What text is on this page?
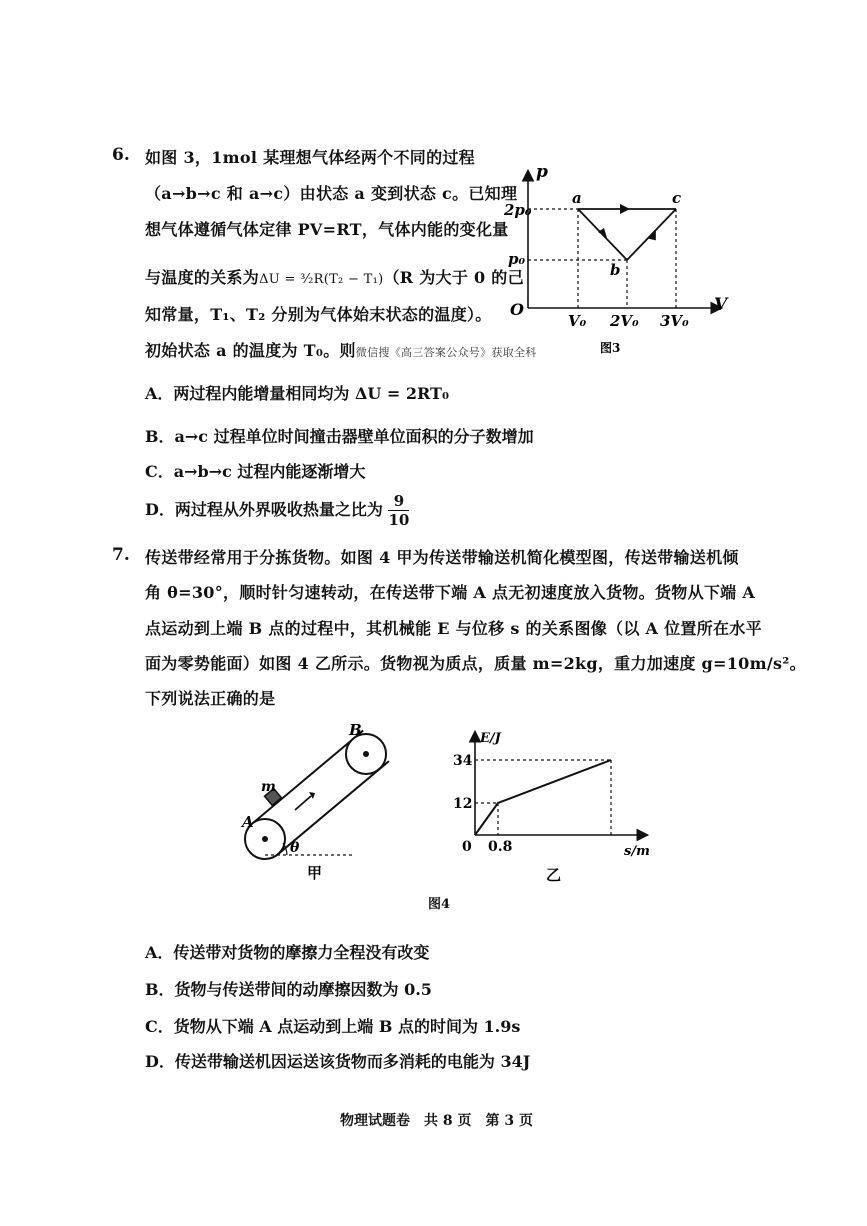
6. 如图 3，1mol 某理想气体经两个不同的过程
（a→b→c 和 a→c）由状态 a 变到状态 c。已知理
想气体遵循气体定律 PV=RT，气体内能的变化量
与温度的关系为ΔU = ³⁄₂R(T₂ − T₁)（R 为大于 0 的己
知常量，T₁、T₂ 分别为气体始末状态的温度）。
初始状态 a 的温度为 T₀。则微信搜《高三答案公众号》获取全科
p
V
O
2p₀
p₀
V₀ 2V₀ 3V₀
a
b
c
图3
A．两过程内能增量相同均为 ΔU = 2RT₀
B．a→c 过程单位时间撞击器壁单位面积的分子数增加
C．a→b→c 过程内能逐渐增大
D．两过程从外界吸收热量之比为 $\frac{9}{10}$
7. 传送带经常用于分拣货物。如图 4 甲为传送带输送机简化模型图，传送带输送机倾
角 θ=30°，顺时针匀速转动，在传送带下端 A 点无初速度放入货物。货物从下端 A
点运动到上端 B 点的过程中，其机械能 E 与位移 s 的关系图像（以 A 位置所在水平
面为零势能面）如图 4 乙所示。货物视为质点，质量 m=2kg，重力加速度 g=10m/s²。
下列说法正确的是
A
B
m
θ
甲
E/J
s/m
0
34
12
0.8
乙
图4
A．传送带对货物的摩擦力全程没有改变
B．货物与传送带间的动摩擦因数为 0.5
C．货物从下端 A 点运动到上端 B 点的时间为 1.9s
D．传送带输送机因运送该货物而多消耗的电能为 34J
物理试题卷　共 8 页　第 3 页
